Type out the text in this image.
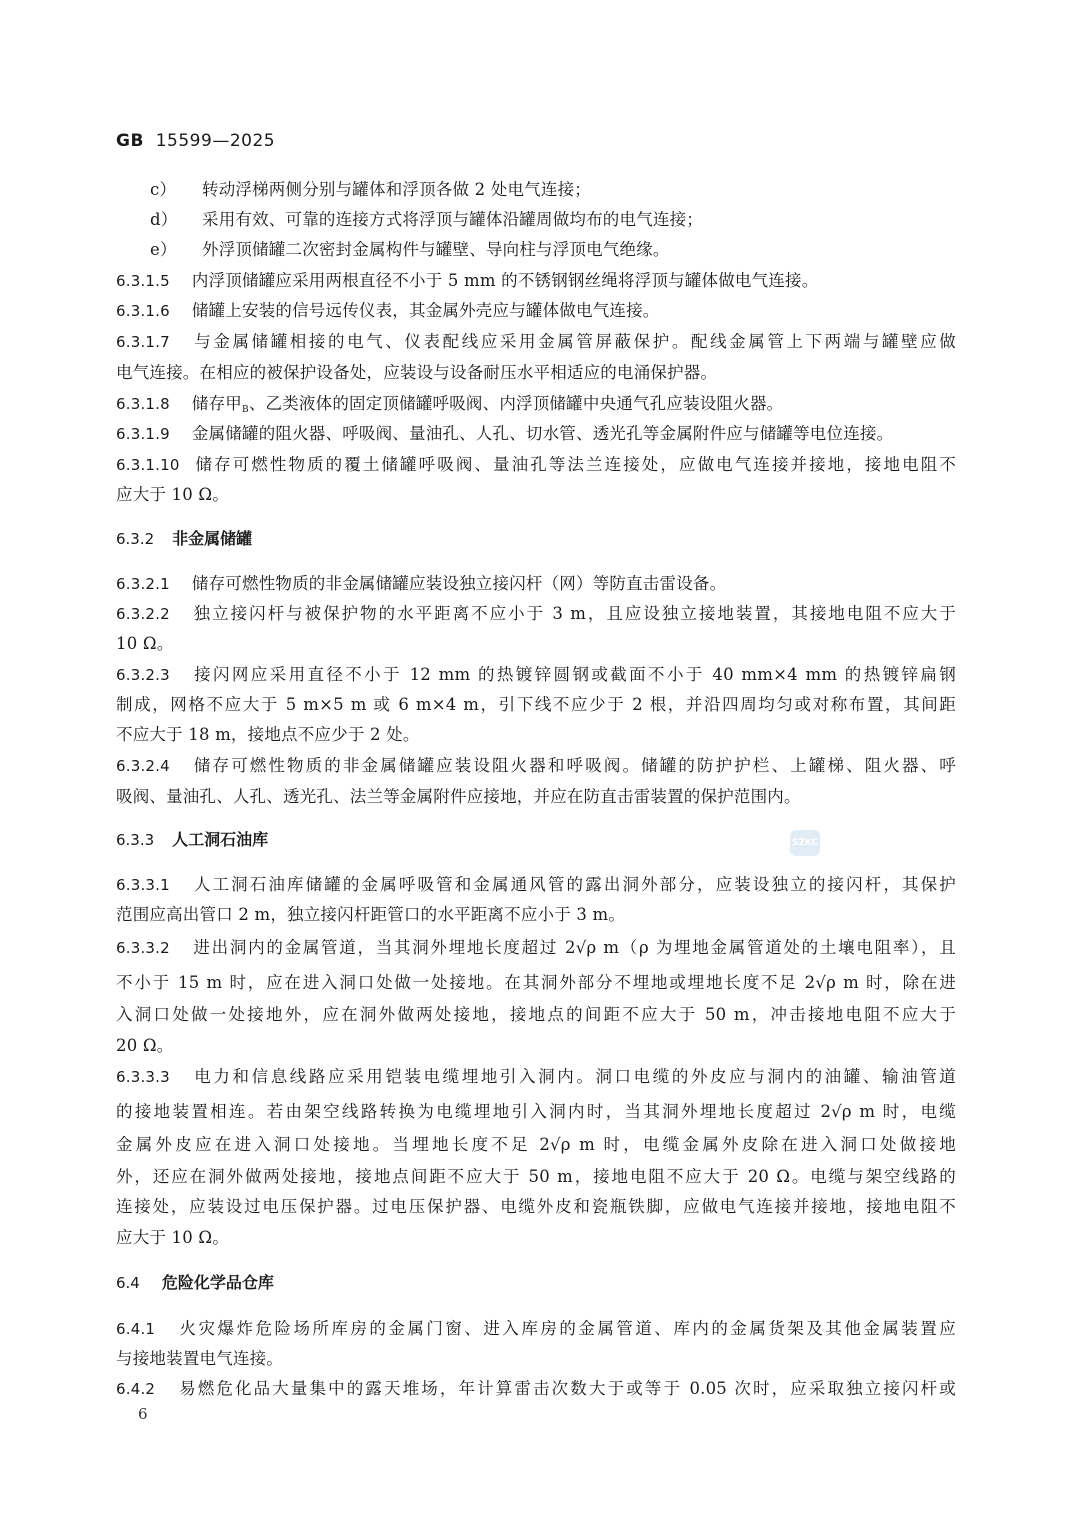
GB 15599—2025
c） 转动浮梯两侧分别与罐体和浮顶各做 2 处电气连接；
d） 采用有效、可靠的连接方式将浮顶与罐体沿罐周做均布的电气连接；
e） 外浮顶储罐二次密封金属构件与罐壁、导向柱与浮顶电气绝缘。
6.3.1.5 内浮顶储罐应采用两根直径不小于 5 mm 的不锈钢钢丝绳将浮顶与罐体做电气连接。
6.3.1.6 储罐上安装的信号远传仪表，其金属外壳应与罐体做电气连接。
6.3.1.7 与金属储罐相接的电气、仪表配线应采用金属管屏蔽保护。配线金属管上下两端与罐壁应做
电气连接。在相应的被保护设备处，应装设与设备耐压水平相适应的电涌保护器。
6.3.1.8 储存甲$_B$、乙类液体的固定顶储罐呼吸阀、内浮顶储罐中央通气孔应装设阻火器。
6.3.1.9 金属储罐的阻火器、呼吸阀、量油孔、人孔、切水管、透光孔等金属附件应与储罐等电位连接。
6.3.1.10 储存可燃性物质的覆土储罐呼吸阀、量油孔等法兰连接处，应做电气连接并接地，接地电阻不
应大于 10 Ω。
6.3.2 非金属储罐
6.3.2.1 储存可燃性物质的非金属储罐应装设独立接闪杆（网）等防直击雷设备。
6.3.2.2 独立接闪杆与被保护物的水平距离不应小于 3 m，且应设独立接地装置，其接地电阻不应大于
10 Ω。
6.3.2.3 接闪网应采用直径不小于 12 mm 的热镀锌圆钢或截面不小于 40 mm×4 mm 的热镀锌扁钢
制成，网格不应大于 5 m×5 m 或 6 m×4 m，引下线不应少于 2 根，并沿四周均匀或对称布置，其间距
不应大于 18 m，接地点不应少于 2 处。
6.3.2.4 储存可燃性物质的非金属储罐应装设阻火器和呼吸阀。储罐的防护护栏、上罐梯、阻火器、呼
吸阀、量油孔、人孔、透光孔、法兰等金属附件应接地，并应在防直击雷装置的保护范围内。
6.3.3 人工洞石油库	SZKC
6.3.3.1 人工洞石油库储罐的金属呼吸管和金属通风管的露出洞外部分，应装设独立的接闪杆，其保护
范围应高出管口 2 m，独立接闪杆距管口的水平距离不应小于 3 m。
6.3.3.2 进出洞内的金属管道，当其洞外埋地长度超过 2√ρ m（ρ 为埋地金属管道处的土壤电阻率），且
不小于 15 m 时，应在进入洞口处做一处接地。在其洞外部分不埋地或埋地长度不足 2√ρ m 时，除在进
入洞口处做一处接地外，应在洞外做两处接地，接地点的间距不应大于 50 m，冲击接地电阻不应大于
20 Ω。
6.3.3.3 电力和信息线路应采用铠装电缆埋地引入洞内。洞口电缆的外皮应与洞内的油罐、输油管道
的接地装置相连。若由架空线路转换为电缆埋地引入洞内时，当其洞外埋地长度超过 2√ρ m 时，电缆
金属外皮应在进入洞口处接地。当埋地长度不足 2√ρ m 时，电缆金属外皮除在进入洞口处做接地
外，还应在洞外做两处接地，接地点间距不应大于 50 m，接地电阻不应大于 20 Ω。电缆与架空线路的
连接处，应装设过电压保护器。过电压保护器、电缆外皮和瓷瓶铁脚，应做电气连接并接地，接地电阻不
应大于 10 Ω。
6.4 危险化学品仓库
6.4.1 火灾爆炸危险场所库房的金属门窗、进入库房的金属管道、库内的金属货架及其他金属装置应
与接地装置电气连接。
6.4.2 易燃危化品大量集中的露天堆场，年计算雷击次数大于或等于 0.05 次时，应采取独立接闪杆或
6
